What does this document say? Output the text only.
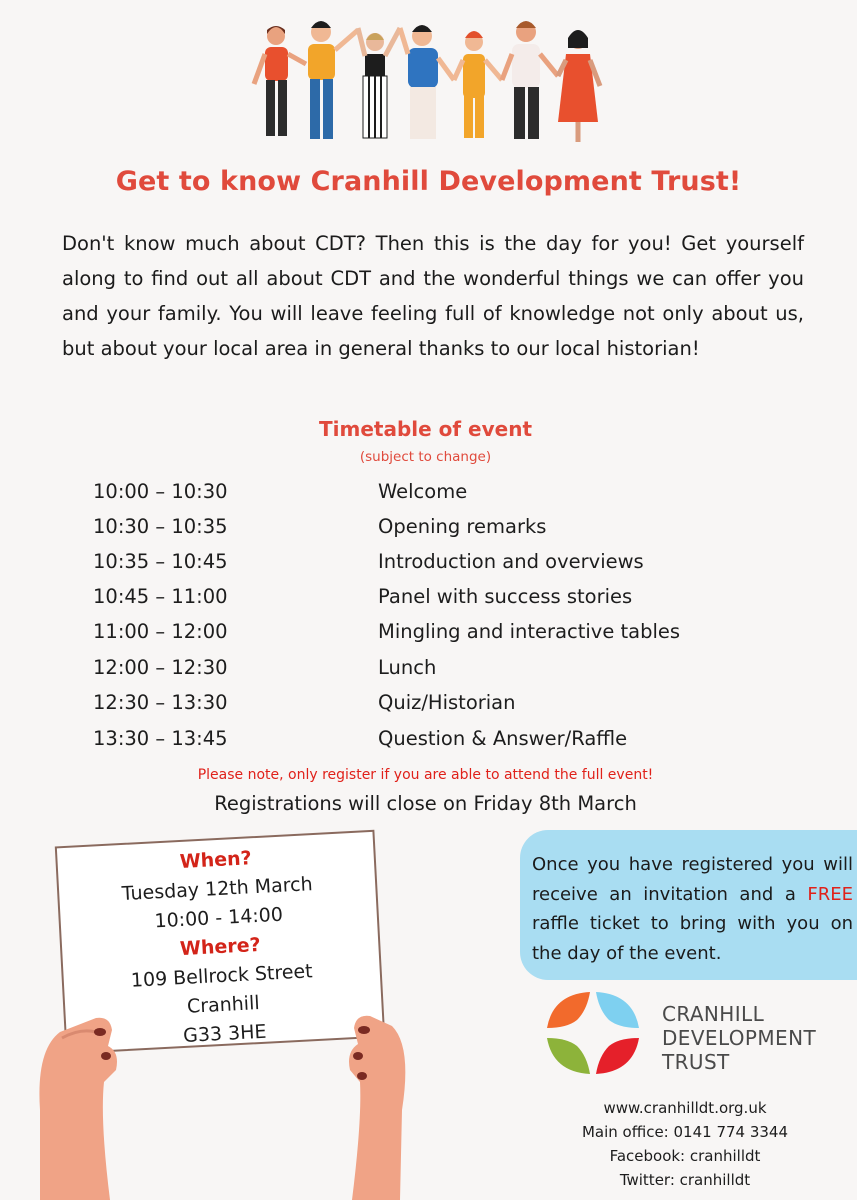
Get to know Cranhill Development Trust!

Don't know much about CDT? Then this is the day for you! Get yourself along to find out all about CDT and the wonderful things we can offer you and your family. You will leave feeling full of knowledge not only about us, but about your local area in general thanks to our local historian!

Timetable of event
(subject to change)
10:00 – 10:30	Welcome
10:30 – 10:35	Opening remarks
10:35 – 10:45	Introduction and overviews
10:45 – 11:00	Panel with success stories
11:00 – 12:00	Mingling and interactive tables
12:00 – 12:30	Lunch
12:30 – 13:30	Quiz/Historian
13:30 – 13:45	Question & Answer/Raffle
Please note, only register if you are able to attend the full event!
Registrations will close on Friday 8th March
When?
Tuesday 12th March
10:00 - 14:00
Where?
109 Bellrock Street
Cranhill
G33 3HE
Once you have registered you will receive an invitation and a FREE raffle ticket to bring with you on the day of the event.
CRANHILL
DEVELOPMENT
TRUST
www.cranhilldt.org.uk
Main office: 0141 774 3344
Facebook: cranhilldt
Twitter: cranhilldt
